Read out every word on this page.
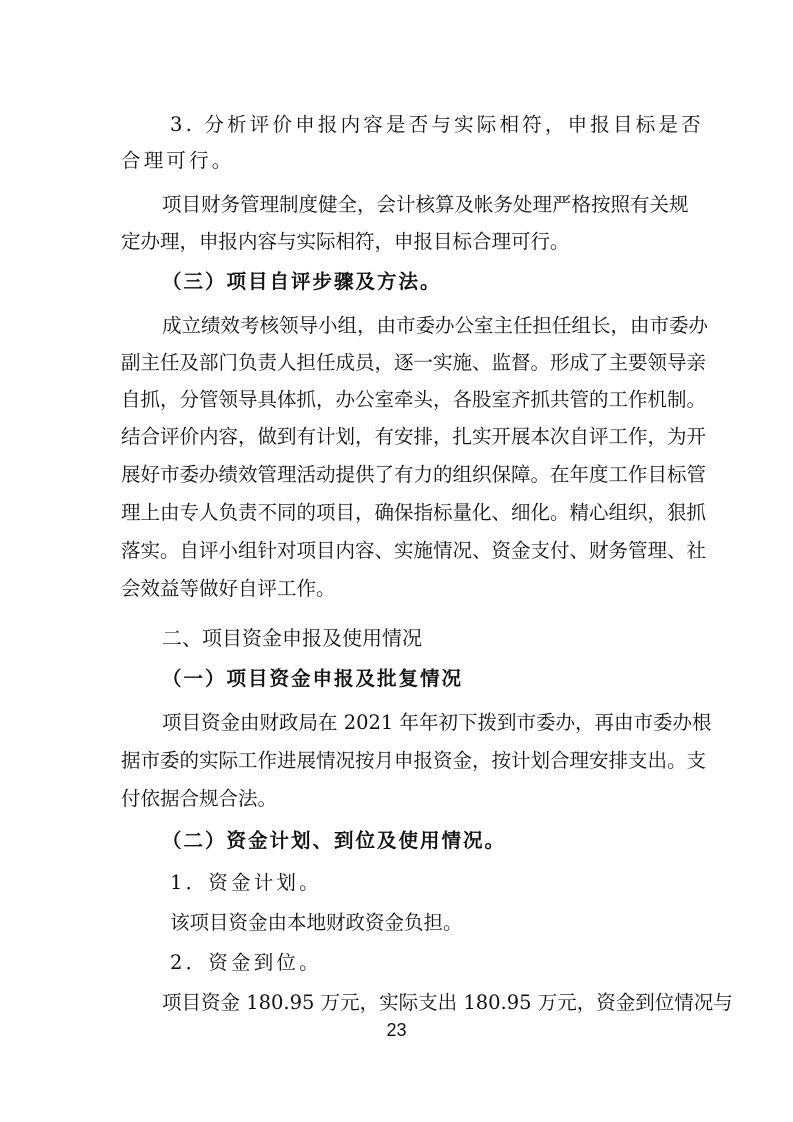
3. 分析评价申报内容是否与实际相符，申报目标是否
合理可行。
项目财务管理制度健全，会计核算及帐务处理严格按照有关规
定办理，申报内容与实际相符，申报目标合理可行。
（三）项目自评步骤及方法。
成立绩效考核领导小组，由市委办公室主任担任组长，由市委办
副主任及部门负责人担任成员，逐一实施、监督。形成了主要领导亲
自抓，分管领导具体抓，办公室牵头，各股室齐抓共管的工作机制。
结合评价内容，做到有计划，有安排，扎实开展本次自评工作，为开
展好市委办绩效管理活动提供了有力的组织保障。在年度工作目标管
理上由专人负责不同的项目，确保指标量化、细化。精心组织，狠抓
落实。自评小组针对项目内容、实施情况、资金支付、财务管理、社
会效益等做好自评工作。
二、项目资金申报及使用情况
（一）项目资金申报及批复情况
项目资金由财政局在 2021 年年初下拨到市委办，再由市委办根
据市委的实际工作进展情况按月申报资金，按计划合理安排支出。支
付依据合规合法。
（二）资金计划、到位及使用情况。
1．资金计划。
该项目资金由本地财政资金负担。
2．资金到位。
项目资金 180.95 万元，实际支出 180.95 万元，资金到位情况与
23
